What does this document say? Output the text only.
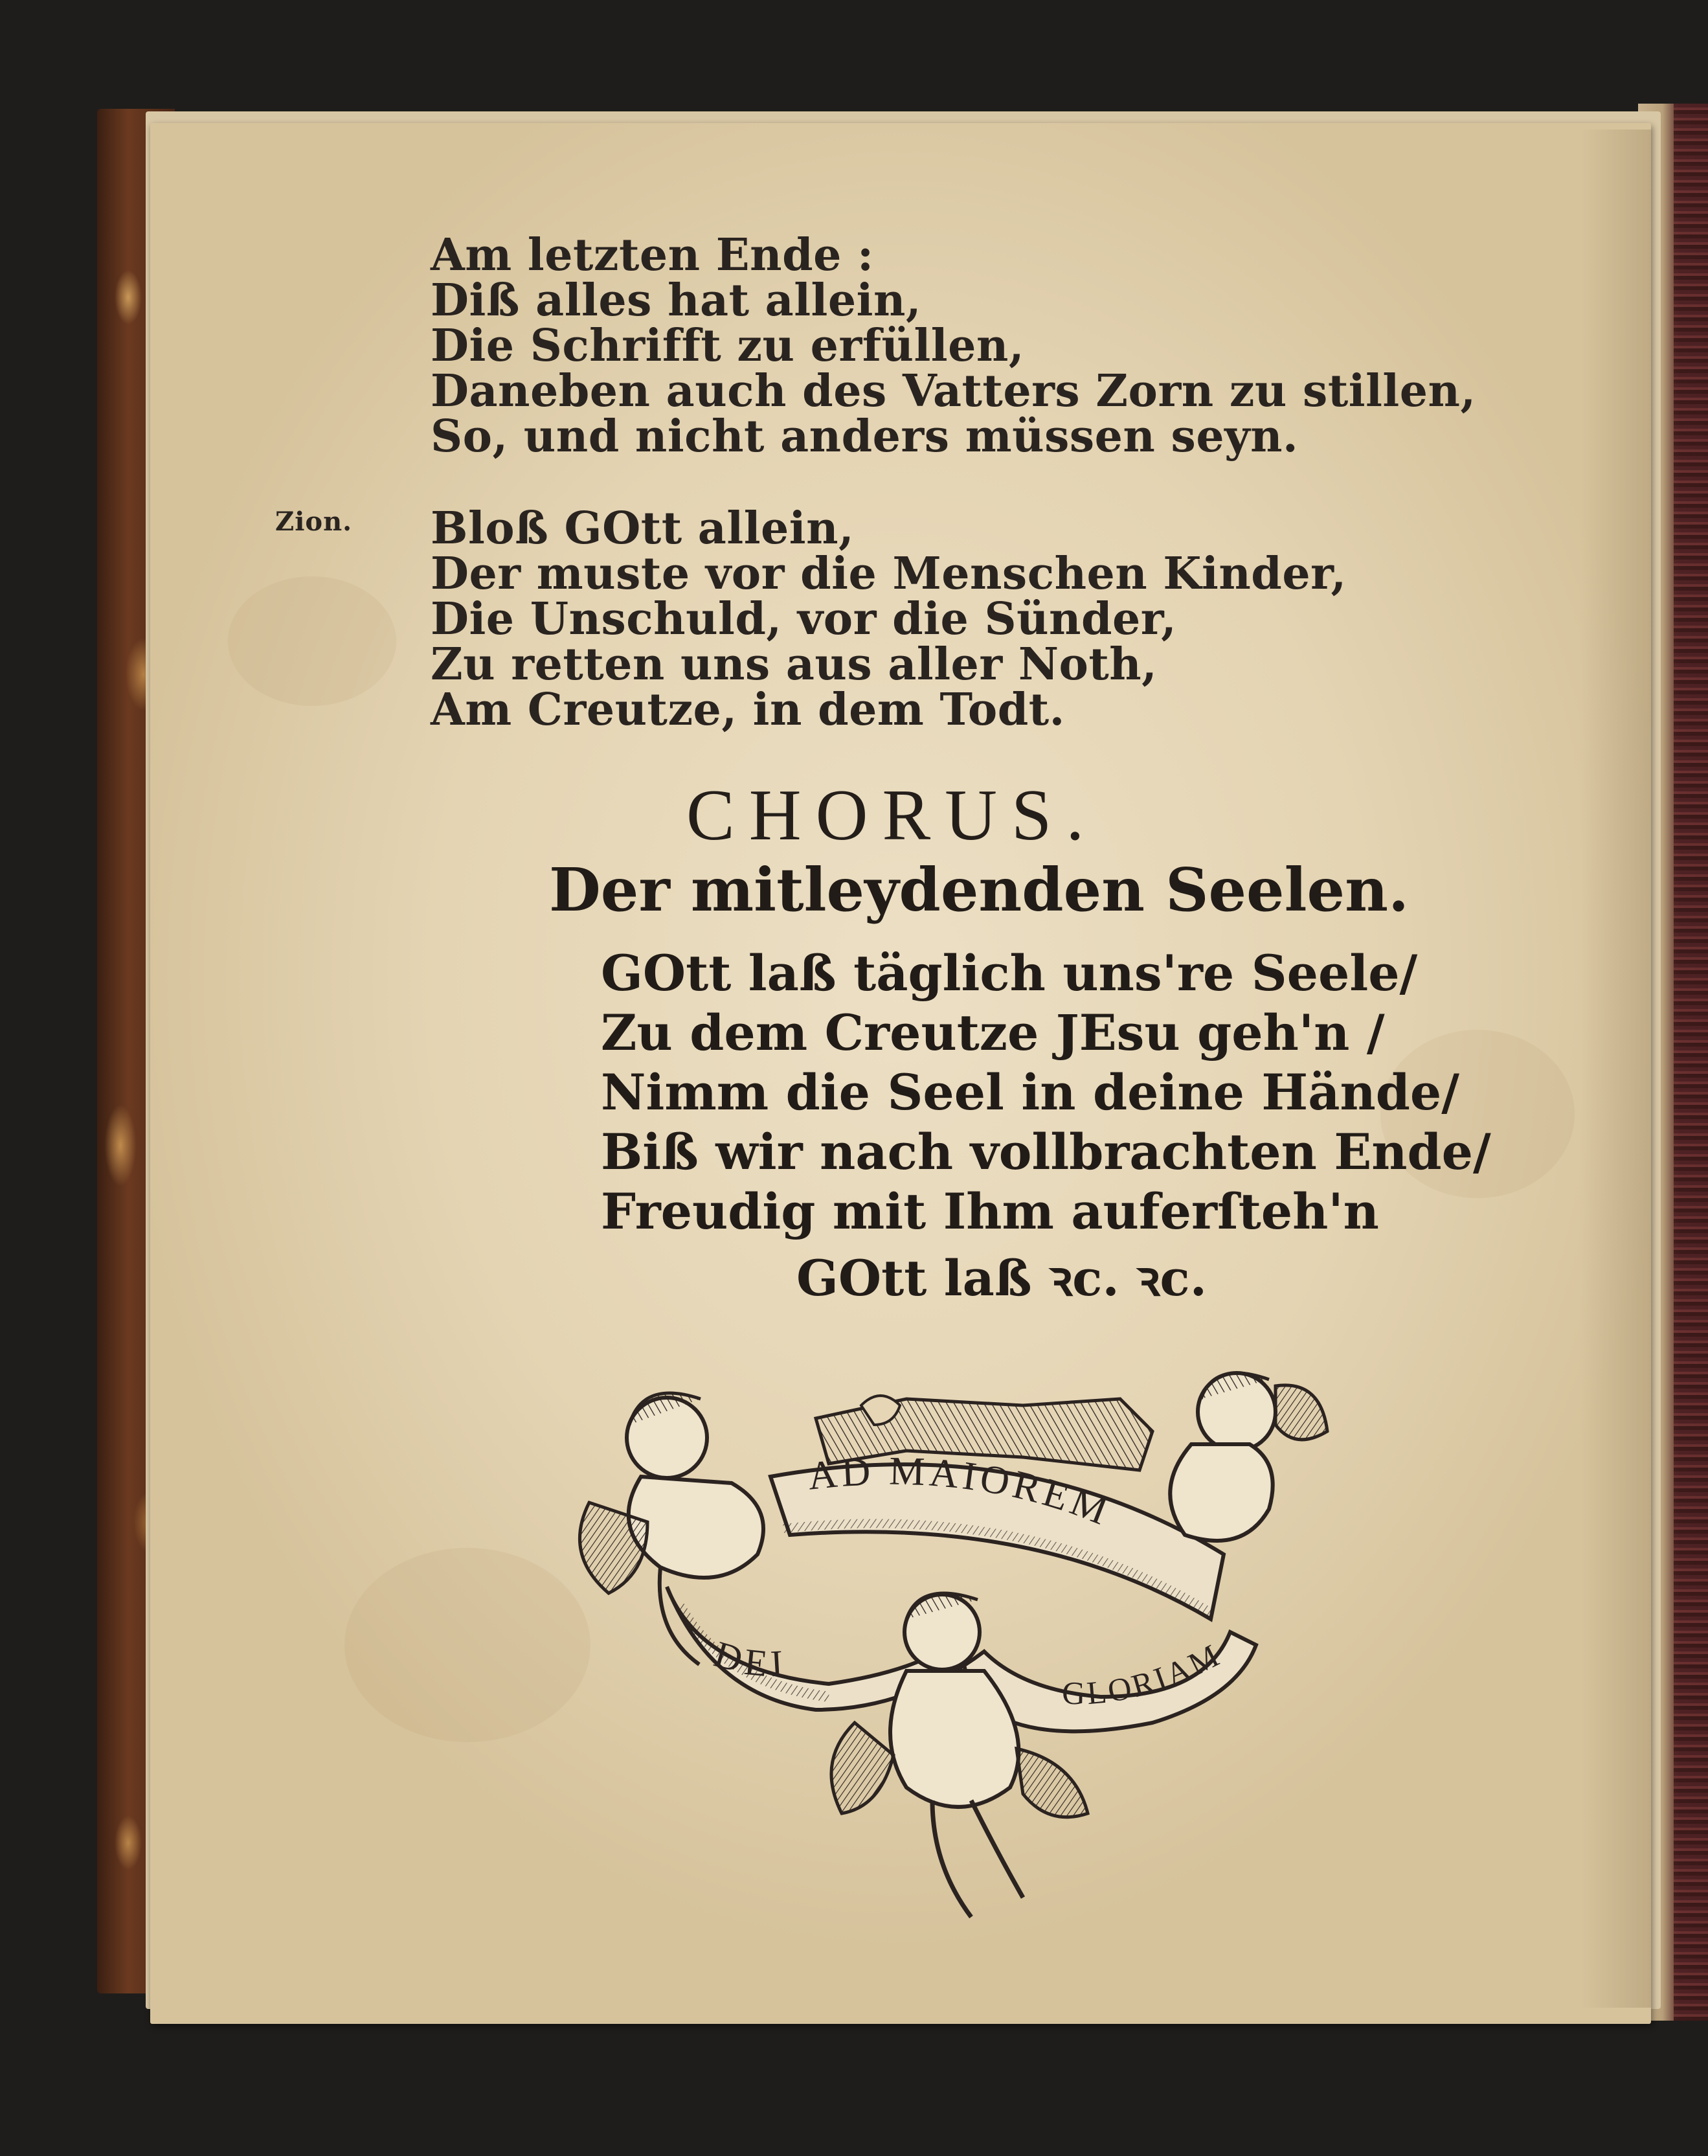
Zion.
Am letzten Ende :
Diß alles hat allein,
Die Schrifft zu erfüllen,
Daneben auch des Vatters Zorn zu stillen,
So, und nicht anders müssen seyn.
Bloß GOtt allein,
Der muste vor die Menschen Kinder,
Die Unschuld, vor die Sünder,
Zu retten uns aus aller Noth,
Am Creutze, in dem Todt.
CHORUS.
Der mitleydenden Seelen.
GOtt laß täglich uns're Seele/
Zu dem Creutze JEsu geh'n /
Nimm die Seel in deine Hände/
Biß wir nach vollbrachten Ende/
Freudig mit Ihm auferſteh'n
GOtt laß ꝛc. ꝛc.
AD MAIOREM
DEI
GLORIAM
